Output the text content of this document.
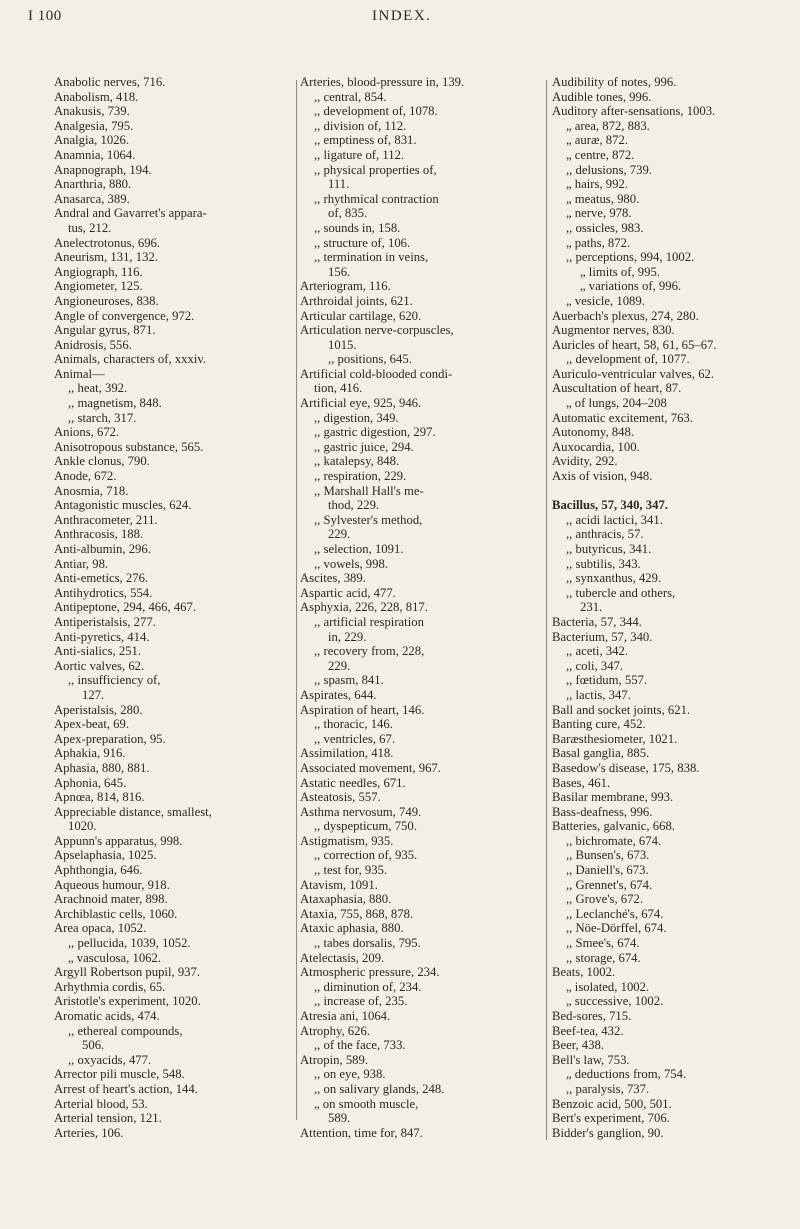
I 100	INDEX.
Anabolic nerves, 716.
Anabolism, 418.
Anakusis, 739.
Analgesia, 795.
Analgia, 1026.
Anamnia, 1064.
Anapnograph, 194.
Anarthria, 880.
Anasarca, 389.
Andral and Gavarret's appara-
tus, 212.
Anelectrotonus, 696.
Aneurism, 131, 132.
Angiograph, 116.
Angiometer, 125.
Angioneuroses, 838.
Angle of convergence, 972.
Angular gyrus, 871.
Anidrosis, 556.
Animals, characters of, xxxiv.
Animal—
,, heat, 392.
,, magnetism, 848.
,, starch, 317.
Anions, 672.
Anisotropous substance, 565.
Ankle clonus, 790.
Anode, 672.
Anosmia, 718.
Antagonistic muscles, 624.
Anthracometer, 211.
Anthracosis, 188.
Anti-albumin, 296.
Antiar, 98.
Anti-emetics, 276.
Antihydrotics, 554.
Antipeptone, 294, 466, 467.
Antiperistalsis, 277.
Anti-pyretics, 414.
Anti-sialics, 251.
Aortic valves, 62.
,, insufficiency of,
127.
Aperistalsis, 280.
Apex-beat, 69.
Apex-preparation, 95.
Aphakia, 916.
Aphasia, 880, 881.
Aphonia, 645.
Apnœa, 814, 816.
Appreciable distance, smallest,
1020.
Appunn's apparatus, 998.
Apselaphasia, 1025.
Aphthongia, 646.
Aqueous humour, 918.
Arachnoid mater, 898.
Archiblastic cells, 1060.
Area opaca, 1052.
,, pellucida, 1039, 1052.
„ vasculosa, 1062.
Argyll Robertson pupil, 937.
Arhythmia cordis, 65.
Aristotle's experiment, 1020.
Aromatic acids, 474.
,, ethereal compounds,
506.
,, oxyacids, 477.
Arrector pili muscle, 548.
Arrest of heart's action, 144.
Arterial blood, 53.
Arterial tension, 121.
Arteries, 106.
Arteries, blood-pressure in, 139.
,, central, 854.
,, development of, 1078.
,, division of, 112.
,, emptiness of, 831.
,, ligature of, 112.
,, physical properties of,
111.
,, rhythmical contraction
of, 835.
,, sounds in, 158.
,, structure of, 106.
,, termination in veins,
156.
Arteriogram, 116.
Arthroidal joints, 621.
Articular cartilage, 620.
Articulation nerve-corpuscles,
1015.
,, positions, 645.
Artificial cold-blooded condi-
tion, 416.
Artificial eye, 925, 946.
,, digestion, 349.
,, gastric digestion, 297.
,, gastric juice, 294.
,, katalepsy, 848.
,, respiration, 229.
,, Marshall Hall's me-
thod, 229.
,, Sylvester's method,
229.
,, selection, 1091.
,, vowels, 998.
Ascites, 389.
Aspartic acid, 477.
Asphyxia, 226, 228, 817.
,, artificial respiration
in, 229.
,, recovery from, 228,
229.
,, spasm, 841.
Aspirates, 644.
Aspiration of heart, 146.
,, thoracic, 146.
,, ventricles, 67.
Assimilation, 418.
Associated movement, 967.
Astatic needles, 671.
Asteatosis, 557.
Asthma nervosum, 749.
,, dyspepticum, 750.
Astigmatism, 935.
,, correction of, 935.
,, test for, 935.
Atavism, 1091.
Ataxaphasia, 880.
Ataxia, 755, 868, 878.
Ataxic aphasia, 880.
,, tabes dorsalis, 795.
Atelectasis, 209.
Atmospheric pressure, 234.
,, diminution of, 234.
,, increase of, 235.
Atresia ani, 1064.
Atrophy, 626.
,, of the face, 733.
Atropin, 589.
,, on eye, 938.
,, on salivary glands, 248.
„ on smooth muscle,
589.
Attention, time for, 847.
Audibility of notes, 996.
Audible tones, 996.
Auditory after-sensations, 1003.
„ area, 872, 883.
„ auræ, 872.
„ centre, 872.
,, delusions, 739.
„ hairs, 992.
„ meatus, 980.
„ nerve, 978.
,, ossicles, 983.
„ paths, 872.
,, perceptions, 994, 1002.
„ limits of, 995.
„ variations of, 996.
„ vesicle, 1089.
Auerbach's plexus, 274, 280.
Augmentor nerves, 830.
Auricles of heart, 58, 61, 65–67.
,, development of, 1077.
Auriculo-ventricular valves, 62.
Auscultation of heart, 87.
„ of lungs, 204–208
Automatic excitement, 763.
Autonomy, 848.
Auxocardia, 100.
Avidity, 292.
Axis of vision, 948.

Bacillus, 57, 340, 347.
,, acidi lactici, 341.
,, anthracis, 57.
,, butyricus, 341.
,, subtilis, 343.
,, synxanthus, 429.
,, tubercle and others,
231.
Bacteria, 57, 344.
Bacterium, 57, 340.
,, aceti, 342.
,, coli, 347.
,, fœtidum, 557.
,, lactis, 347.
Ball and socket joints, 621.
Banting cure, 452.
Baræsthesiometer, 1021.
Basal ganglia, 885.
Basedow's disease, 175, 838.
Bases, 461.
Basilar membrane, 993.
Bass-deafness, 996.
Batteries, galvanic, 668.
,, bichromate, 674.
,, Bunsen's, 673.
,, Daniell's, 673.
,, Grennet's, 674.
,, Grove's, 672.
,, Leclanché's, 674.
,, Nöe-Dörffel, 674.
,, Smee's, 674.
,, storage, 674.
Beats, 1002.
„ isolated, 1002.
„ successive, 1002.
Bed-sores, 715.
Beef-tea, 432.
Beer, 438.
Bell's law, 753.
„ deductions from, 754.
,, paralysis, 737.
Benzoic acid, 500, 501.
Bert's experiment, 706.
Bidder's ganglion, 90.
